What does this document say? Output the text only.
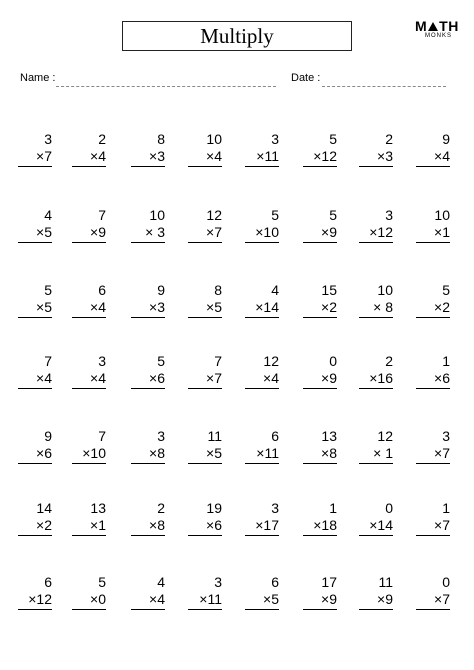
Multiply	M TH
MONKS
Name :	Date :
3
×7
2
×4
8
×3
10
×4
3
×11
5
×12
2
×3
9
×4
4
×5
7
×9
10
× 3
12
×7
5
×10
5
×9
3
×12
10
×1
5
×5
6
×4
9
×3
8
×5
4
×14
15
×2
10
× 8
5
×2
7
×4
3
×4
5
×6
7
×7
12
×4
0
×9
2
×16
1
×6
9
×6
7
×10
3
×8
11
×5
6
×11
13
×8
12
× 1
3
×7
14
×2
13
×1
2
×8
19
×6
3
×17
1
×18
0
×14
1
×7
6
×12
5
×0
4
×4
3
×11
6
×5
17
×9
11
×9
0
×7
